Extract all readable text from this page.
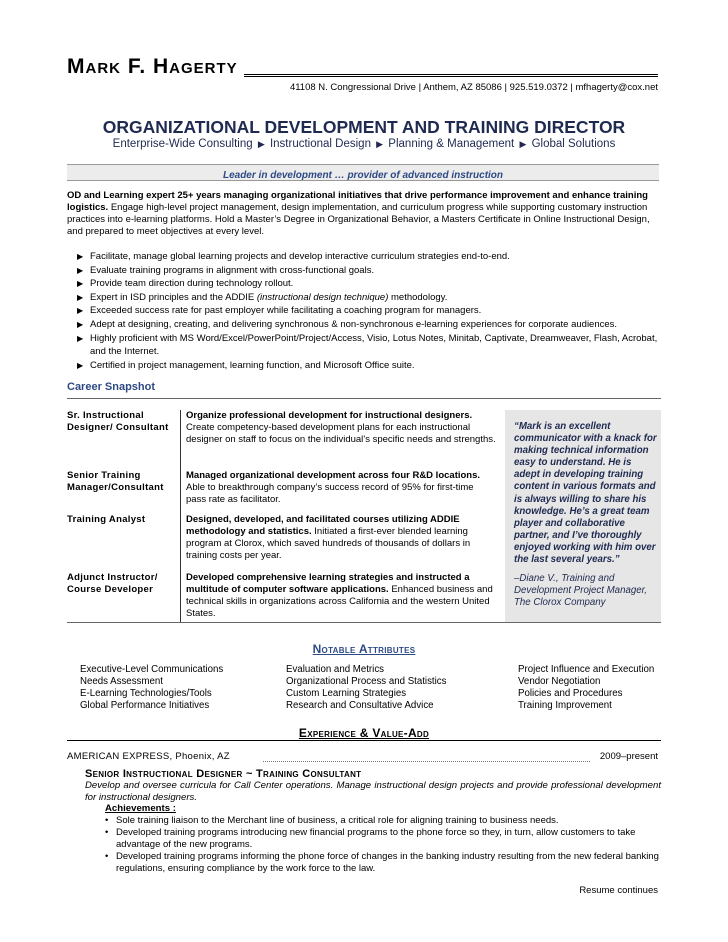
Mark F. Hagerty
41108 N. Congressional Drive | Anthem, AZ 85086 | 925.519.0372 | mfhagerty@cox.net
ORGANIZATIONAL DEVELOPMENT AND TRAINING DIRECTOR
Enterprise-Wide Consulting ▶ Instructional Design ▶ Planning & Management ▶ Global Solutions
Leader in development … provider of advanced instruction
OD and Learning expert 25+ years managing organizational initiatives that drive performance improvement and enhance training logistics. Engage high-level project management, design implementation, and curriculum progress while supporting customary instruction practices into e-learning platforms. Hold a Master’s Degree in Organizational Behavior, a Masters Certificate in Online Instructional Design, and prepared to meet objectives at every level.
▶ Facilitate, manage global learning projects and develop interactive curriculum strategies end-to-end.
▶ Evaluate training programs in alignment with cross-functional goals.
▶ Provide team direction during technology rollout.
▶ Expert in ISD principles and the ADDIE (instructional design technique) methodology.
▶ Exceeded success rate for past employer while facilitating a coaching program for managers.
▶ Adept at designing, creating, and delivering synchronous & non-synchronous e-learning experiences for corporate audiences.
▶ Highly proficient with MS Word/Excel/PowerPoint/Project/Access, Visio, Lotus Notes, Minitab, Captivate, Dreamweaver, Flash, Acrobat, and the Internet.
▶ Certified in project management, learning function, and Microsoft Office suite.
Career Snapshot
Sr. Instructional Designer/ Consultant
Organize professional development for instructional designers. Create competency-based development plans for each instructional designer on staff to focus on the individual’s specific needs and strengths.
Senior Training Manager/Consultant
Managed organizational development across four R&D locations. Able to breakthrough company’s success record of 95% for first-time pass rate as facilitator.
Training Analyst	Designed, developed, and facilitated courses utilizing ADDIE methodology and statistics. Initiated a first-ever blended learning program at Clorox, which saved hundreds of thousands of dollars in training costs per year.
Adjunct Instructor/ Course Developer
Developed comprehensive learning strategies and instructed a multitude of computer software applications. Enhanced business and technical skills in organizations across California and the western United States.
“Mark is an excellent communicator with a knack for making technical information easy to understand. He is adept in developing training content in various formats and is always willing to share his knowledge. He’s a great team player and collaborative partner, and I’ve thoroughly enjoyed working with him over the last several years.”
–Diane V., Training and Development Project Manager, The Clorox Company
Notable Attributes
Executive-Level Communications
Needs Assessment
E-Learning Technologies/Tools
Global Performance Initiatives
Evaluation and Metrics
Organizational Process and Statistics
Custom Learning Strategies
Research and Consultative Advice
Project Influence and Execution
Vendor Negotiation
Policies and Procedures
Training Improvement
Experience & Value-Add
AMERICAN EXPRESS, Phoenix, AZ	2009–present
Senior Instructional Designer ~ Training Consultant
Develop and oversee curricula for Call Center operations. Manage instructional design projects and provide professional development for instructional designers.
Achievements :
• Sole training liaison to the Merchant line of business, a critical role for aligning training to business needs.
• Developed training programs introducing new financial programs to the phone force so they, in turn, allow customers to take advantage of the new programs.
• Developed training programs informing the phone force of changes in the banking industry resulting from the new federal banking regulations, ensuring compliance by the work force to the law.
Resume continues
